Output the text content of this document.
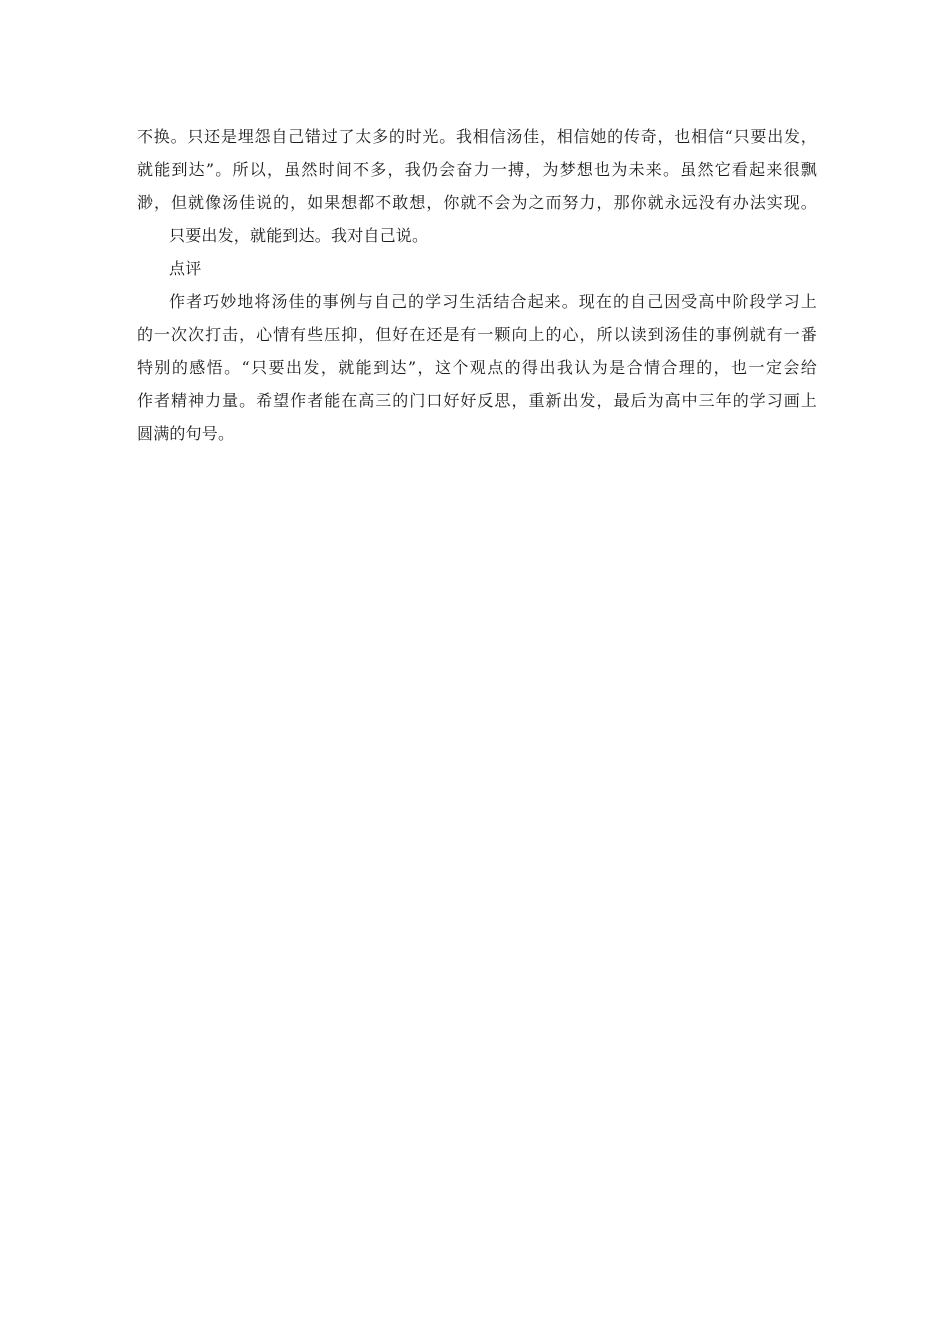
不换。只还是埋怨自己错过了太多的时光。我相信汤佳，相信她的传奇，也相信“只要出发，
就能到达”。所以，虽然时间不多，我仍会奋力一搏，为梦想也为未来。虽然它看起来很飘
渺，但就像汤佳说的，如果想都不敢想，你就不会为之而努力，那你就永远没有办法实现。
只要出发，就能到达。我对自己说。
点评
作者巧妙地将汤佳的事例与自己的学习生活结合起来。现在的自己因受高中阶段学习上
的一次次打击，心情有些压抑，但好在还是有一颗向上的心，所以读到汤佳的事例就有一番
特别的感悟。“只要出发，就能到达”，这个观点的得出我认为是合情合理的，也一定会给
作者精神力量。希望作者能在高三的门口好好反思，重新出发，最后为高中三年的学习画上
圆满的句号。
